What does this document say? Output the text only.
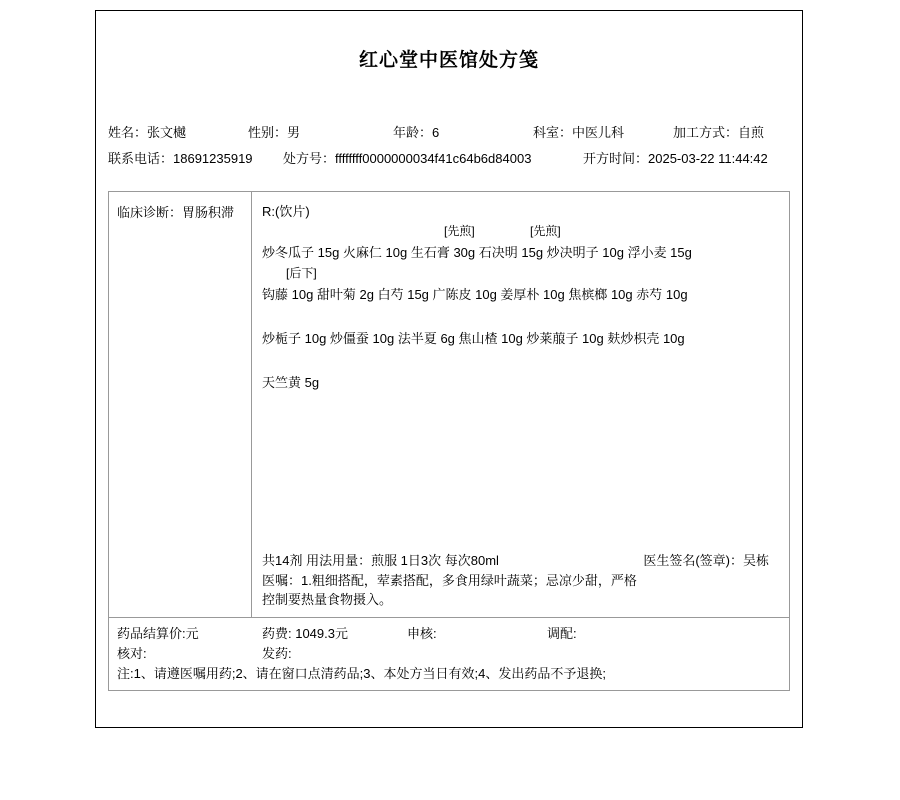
红心堂中医馆处方笺
姓名：张文樾	性别：男	年龄：6	科室：中医儿科	加工方式：自煎
联系电话：18691235919	处方号：ffffffff0000000034f41c64b6d84003	开方时间：2025-03-22 11:44:42
临床诊断：胃肠积滞	R:(饮片)
[先煎]	[先煎]
炒冬瓜子 15g 火麻仁 10g 生石膏 30g 石决明 15g 炒决明子 10g 浮小麦 15g
[后下]
钩藤 10g 甜叶菊 2g 白芍 15g 广陈皮 10g 姜厚朴 10g 焦槟榔 10g 赤芍 10g
炒栀子 10g 炒僵蚕 10g 法半夏 6g 焦山楂 10g 炒莱菔子 10g 麸炒枳壳 10g
天竺黄 5g
共14剂 用法用量：煎服 1日3次 每次80ml	医生签名(签章)：吴栋
医嘱：1.粗细搭配，荤素搭配，多食用绿叶蔬菜；忌凉少甜，严格
控制要热量食物摄入。
药品结算价:元	药费: 1049.3元	申核:	调配:
核对:	发药:
注:1、请遵医嘱用药;2、请在窗口点清药品;3、本处方当日有效;4、发出药品不予退换;
